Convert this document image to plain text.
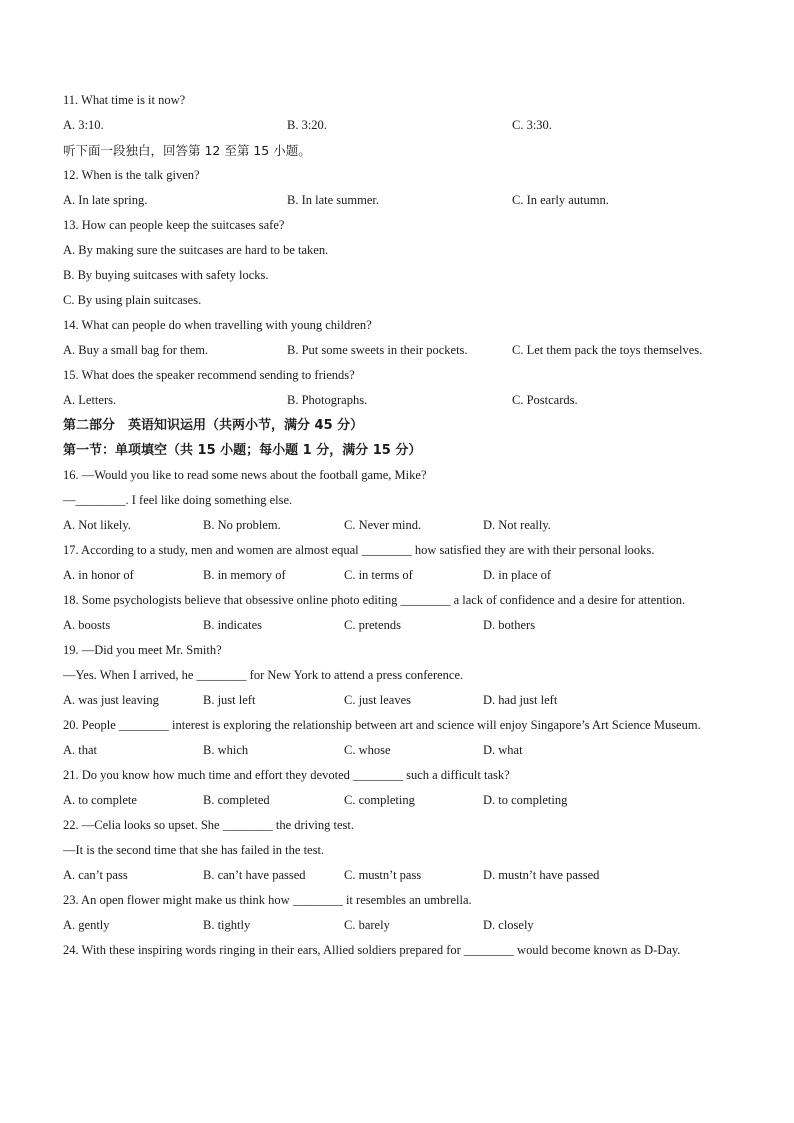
11. What time is it now?
A. 3:10.	B. 3:20.	C. 3:30.
听下面一段独白，回答第 12 至第 15 小题。
12. When is the talk given?
A. In late spring.	B. In late summer.	C. In early autumn.
13. How can people keep the suitcases safe?
A. By making sure the suitcases are hard to be taken.
B. By buying suitcases with safety locks.
C. By using plain suitcases.
14. What can people do when travelling with young children?
A. Buy a small bag for them.	B. Put some sweets in their pockets.	C. Let them pack the toys themselves.
15. What does the speaker recommend sending to friends?
A. Letters.	B. Photographs.	C. Postcards.
第二部分　英语知识运用（共两小节，满分 45 分）
第一节：单项填空（共 15 小题；每小题 1 分，满分 15 分）
16. —Would you like to read some news about the football game, Mike?
—________. I feel like doing something else.
A. Not likely.	B. No problem.	C. Never mind.	D. Not really.
17. According to a study, men and women are almost equal ________ how satisfied they are with their personal looks.
A. in honor of	B. in memory of	C. in terms of	D. in place of
18. Some psychologists believe that obsessive online photo editing ________ a lack of confidence and a desire for attention.
A. boosts	B. indicates	C. pretends	D. bothers
19. —Did you meet Mr. Smith?
—Yes. When I arrived, he ________ for New York to attend a press conference.
A. was just leaving	B. just left	C. just leaves	D. had just left
20. People ________ interest is exploring the relationship between art and science will enjoy Singapore’s Art Science Museum.
A. that	B. which	C. whose	D. what
21. Do you know how much time and effort they devoted ________ such a difficult task?
A. to complete	B. completed	C. completing	D. to completing
22. —Celia looks so upset. She ________ the driving test.
—It is the second time that she has failed in the test.
A. can’t pass	B. can’t have passed	C. mustn’t pass	D. mustn’t have passed
23. An open flower might make us think how ________ it resembles an umbrella.
A. gently	B. tightly	C. barely	D. closely
24. With these inspiring words ringing in their ears, Allied soldiers prepared for ________ would become known as D-Day.
